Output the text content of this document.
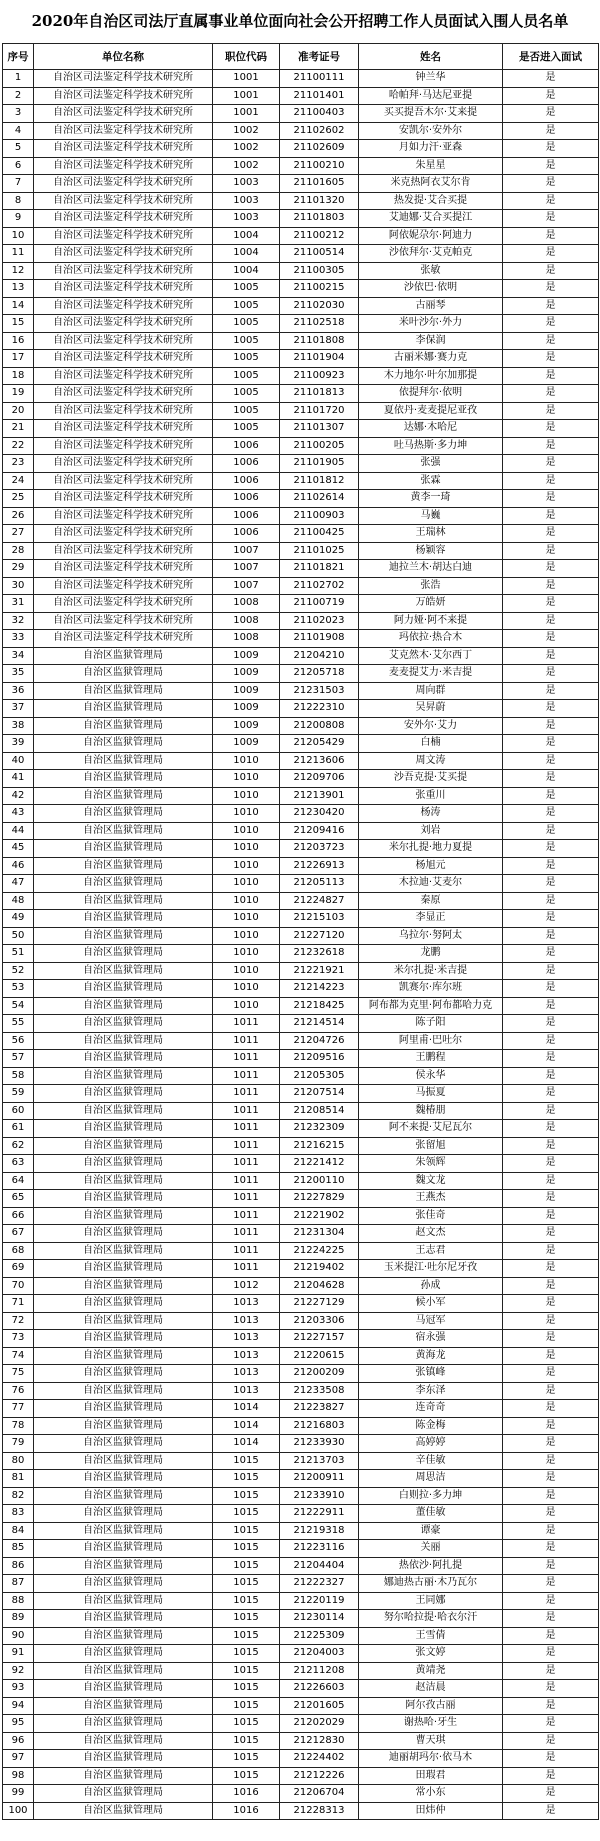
2020年自治区司法厅直属事业单位面向社会公开招聘工作人员面试入围人员名单
序号	单位名称	职位代码	准考证号	姓名	是否进入面试
1	自治区司法鉴定科学技术研究所	1001	21100111	钟兰华	是
2	自治区司法鉴定科学技术研究所	1001	21101401	哈帕拜·马达尼亚提	是
3	自治区司法鉴定科学技术研究所	1001	21100403	买买提吾木尔·艾来提	是
4	自治区司法鉴定科学技术研究所	1002	21102602	安凯尔·安外尔	是
5	自治区司法鉴定科学技术研究所	1002	21102609	月如力汗·亚森	是
6	自治区司法鉴定科学技术研究所	1002	21100210	朱星星	是
7	自治区司法鉴定科学技术研究所	1003	21101605	米克热阿衣艾尔肯	是
8	自治区司法鉴定科学技术研究所	1003	21101320	热发提·艾合买提	是
9	自治区司法鉴定科学技术研究所	1003	21101803	艾迪娜·艾合买提江	是
10	自治区司法鉴定科学技术研究所	1004	21100212	阿依妮尕尔·阿迪力	是
11	自治区司法鉴定科学技术研究所	1004	21100514	沙依拜尔·艾克帕克	是
12	自治区司法鉴定科学技术研究所	1004	21100305	张敏	是
13	自治区司法鉴定科学技术研究所	1005	21100215	沙依巴·依明	是
14	自治区司法鉴定科学技术研究所	1005	21102030	古丽琴	是
15	自治区司法鉴定科学技术研究所	1005	21102518	米叶沙尔·外力	是
16	自治区司法鉴定科学技术研究所	1005	21101808	李保润	是
17	自治区司法鉴定科学技术研究所	1005	21101904	古丽米娜·赛力克	是
18	自治区司法鉴定科学技术研究所	1005	21100923	木力地尔·叶尔加那提	是
19	自治区司法鉴定科学技术研究所	1005	21101813	依提拜尔·依明	是
20	自治区司法鉴定科学技术研究所	1005	21101720	夏依丹·麦麦提尼亚孜	是
21	自治区司法鉴定科学技术研究所	1005	21101307	达娜·木哈尼	是
22	自治区司法鉴定科学技术研究所	1006	21100205	吐马热斯·多力坤	是
23	自治区司法鉴定科学技术研究所	1006	21101905	张强	是
24	自治区司法鉴定科学技术研究所	1006	21101812	张霖	是
25	自治区司法鉴定科学技术研究所	1006	21102614	黄李一琦	是
26	自治区司法鉴定科学技术研究所	1006	21100903	马巍	是
27	自治区司法鉴定科学技术研究所	1006	21100425	王瑞林	是
28	自治区司法鉴定科学技术研究所	1007	21101025	杨颖容	是
29	自治区司法鉴定科学技术研究所	1007	21101821	迪拉兰木·胡达白迪	是
30	自治区司法鉴定科学技术研究所	1007	21102702	张浩	是
31	自治区司法鉴定科学技术研究所	1008	21100719	万皓妍	是
32	自治区司法鉴定科学技术研究所	1008	21102023	阿力娅·阿不来提	是
33	自治区司法鉴定科学技术研究所	1008	21101908	玛依拉·热合木	是
34	自治区监狱管理局	1009	21204210	艾克然木·艾尔西丁	是
35	自治区监狱管理局	1009	21205718	麦麦提艾力·米吉提	是
36	自治区监狱管理局	1009	21231503	周向群	是
37	自治区监狱管理局	1009	21222310	吴昇蔚	是
38	自治区监狱管理局	1009	21200808	安外尔·艾力	是
39	自治区监狱管理局	1009	21205429	白楠	是
40	自治区监狱管理局	1010	21213606	周文涛	是
41	自治区监狱管理局	1010	21209706	沙吾克提·艾买提	是
42	自治区监狱管理局	1010	21213901	张重川	是
43	自治区监狱管理局	1010	21230420	杨涛	是
44	自治区监狱管理局	1010	21209416	刘岩	是
45	自治区监狱管理局	1010	21203723	米尔扎提·地力夏提	是
46	自治区监狱管理局	1010	21226913	杨旭元	是
47	自治区监狱管理局	1010	21205113	木拉迪·艾麦尔	是
48	自治区监狱管理局	1010	21224827	秦原	是
49	自治区监狱管理局	1010	21215103	李显正	是
50	自治区监狱管理局	1010	21227120	乌拉尔·努阿太	是
51	自治区监狱管理局	1010	21232618	龙鹏	是
52	自治区监狱管理局	1010	21221921	米尔扎提·米吉提	是
53	自治区监狱管理局	1010	21214223	凯赛尔·库尔班	是
54	自治区监狱管理局	1010	21218425	阿布都为克里·阿布都哈力克	是
55	自治区监狱管理局	1011	21214514	陈子阳	是
56	自治区监狱管理局	1011	21204726	阿里甫·巴吐尔	是
57	自治区监狱管理局	1011	21209516	王鹏程	是
58	自治区监狱管理局	1011	21205305	侯永华	是
59	自治区监狱管理局	1011	21207514	马振夏	是
60	自治区监狱管理局	1011	21208514	魏椿朋	是
61	自治区监狱管理局	1011	21232309	阿不来提·艾尼瓦尔	是
62	自治区监狱管理局	1011	21216215	张留旭	是
63	自治区监狱管理局	1011	21221412	朱领辉	是
64	自治区监狱管理局	1011	21200110	魏文龙	是
65	自治区监狱管理局	1011	21227829	王燕杰	是
66	自治区监狱管理局	1011	21221902	张佳奇	是
67	自治区监狱管理局	1011	21231304	赵文杰	是
68	自治区监狱管理局	1011	21224225	王志君	是
69	自治区监狱管理局	1011	21219402	玉米提江·吐尔尼牙孜	是
70	自治区监狱管理局	1012	21204628	孙成	是
71	自治区监狱管理局	1013	21227129	候小军	是
72	自治区监狱管理局	1013	21203306	马冠军	是
73	自治区监狱管理局	1013	21227157	宿永强	是
74	自治区监狱管理局	1013	21220615	黄海龙	是
75	自治区监狱管理局	1013	21200209	张镇峰	是
76	自治区监狱管理局	1013	21233508	李东泽	是
77	自治区监狱管理局	1014	21223827	连奇奇	是
78	自治区监狱管理局	1014	21216803	陈金梅	是
79	自治区监狱管理局	1014	21233930	高婷婷	是
80	自治区监狱管理局	1015	21213703	辛佳敏	是
81	自治区监狱管理局	1015	21200911	周思洁	是
82	自治区监狱管理局	1015	21233910	白则拉·多力坤	是
83	自治区监狱管理局	1015	21222911	董佳敏	是
84	自治区监狱管理局	1015	21219318	谭豪	是
85	自治区监狱管理局	1015	21223116	关丽	是
86	自治区监狱管理局	1015	21204404	热依沙·阿扎提	是
87	自治区监狱管理局	1015	21222327	娜迪热古丽·木乃瓦尔	是
88	自治区监狱管理局	1015	21220119	王同娜	是
89	自治区监狱管理局	1015	21230114	努尔哈拉提·哈衣尔汗	是
90	自治区监狱管理局	1015	21225309	王雪倩	是
91	自治区监狱管理局	1015	21204003	张文婷	是
92	自治区监狱管理局	1015	21211208	黄靖尧	是
93	自治区监狱管理局	1015	21226603	赵洁晨	是
94	自治区监狱管理局	1015	21201605	阿尔孜古丽	是
95	自治区监狱管理局	1015	21202029	谢热哈·牙生	是
96	自治区监狱管理局	1015	21212830	曹天琪	是
97	自治区监狱管理局	1015	21224402	迪丽胡玛尔·依马木	是
98	自治区监狱管理局	1015	21212226	田瑕君	是
99	自治区监狱管理局	1016	21206704	常小东	是
100	自治区监狱管理局	1016	21228313	田炜仲	是
